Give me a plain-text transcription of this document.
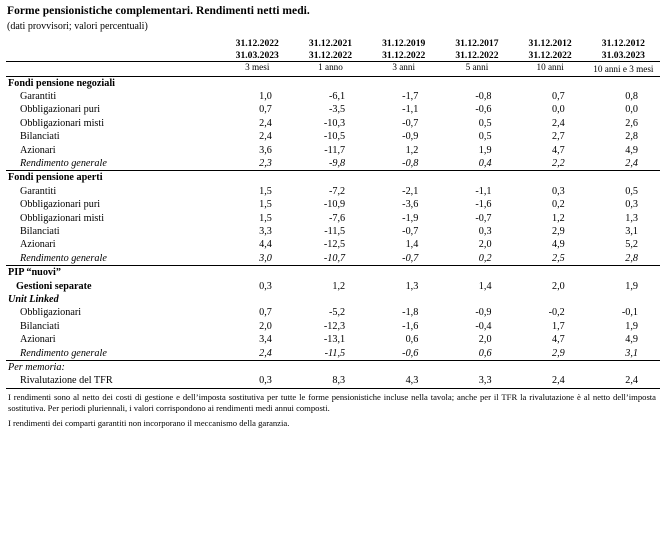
Forme pensionistiche complementari. Rendimenti netti medi.
(dati provvisori; valori percentuali)
	31.12.2022	31.12.2021	31.12.2019	31.12.2017	31.12.2012	31.12.2012
	31.03.2023	31.12.2022	31.12.2022	31.12.2022	31.12.2022	31.03.2023

	3 mesi	1 anno	3 anni	5 anni	10 anni	10 anni e 3 mesi

Fondi pensione negoziali						
Garantiti	1,0	-6,1	-1,7	-0,8	0,7	0,8
Obbligazionari puri	0,7	-3,5	-1,1	-0,6	0,0	0,0
Obbligazionari misti	2,4	-10,3	-0,7	0,5	2,4	2,6
Bilanciati	2,4	-10,5	-0,9	0,5	2,7	2,8
Azionari	3,6	-11,7	1,2	1,9	4,7	4,9
Rendimento generale	2,3	-9,8	-0,8	0,4	2,2	2,4

Fondi pensione aperti						
Garantiti	1,5	-7,2	-2,1	-1,1	0,3	0,5
Obbligazionari puri	1,5	-10,9	-3,6	-1,6	0,2	0,3
Obbligazionari misti	1,5	-7,6	-1,9	-0,7	1,2	1,3
Bilanciati	3,3	-11,5	-0,7	0,3	2,9	3,1
Azionari	4,4	-12,5	1,4	2,0	4,9	5,2
Rendimento generale	3,0	-10,7	-0,7	0,2	2,5	2,8

PIP “nuovi”						
Gestioni separate	0,3	1,2	1,3	1,4	2,0	1,9
Unit Linked						
Obbligazionari	0,7	-5,2	-1,8	-0,9	-0,2	-0,1
Bilanciati	2,0	-12,3	-1,6	-0,4	1,7	1,9
Azionari	3,4	-13,1	0,6	2,0	4,7	4,9
Rendimento generale	2,4	-11,5	-0,6	0,6	2,9	3,1

Per memoria:						
Rivalutazione del TFR	0,3	8,3	4,3	3,3	2,4	2,4

I rendimenti sono al netto dei costi di gestione e dell’imposta sostitutiva per tutte le forme pensionistiche incluse nella tavola; anche per il TFR la rivalutazione è al netto dell’imposta sostitutiva. Per periodi pluriennali, i valori corrispondono ai rendimenti medi annui composti.

I rendimenti dei comparti garantiti non incorporano il meccanismo della garanzia.
